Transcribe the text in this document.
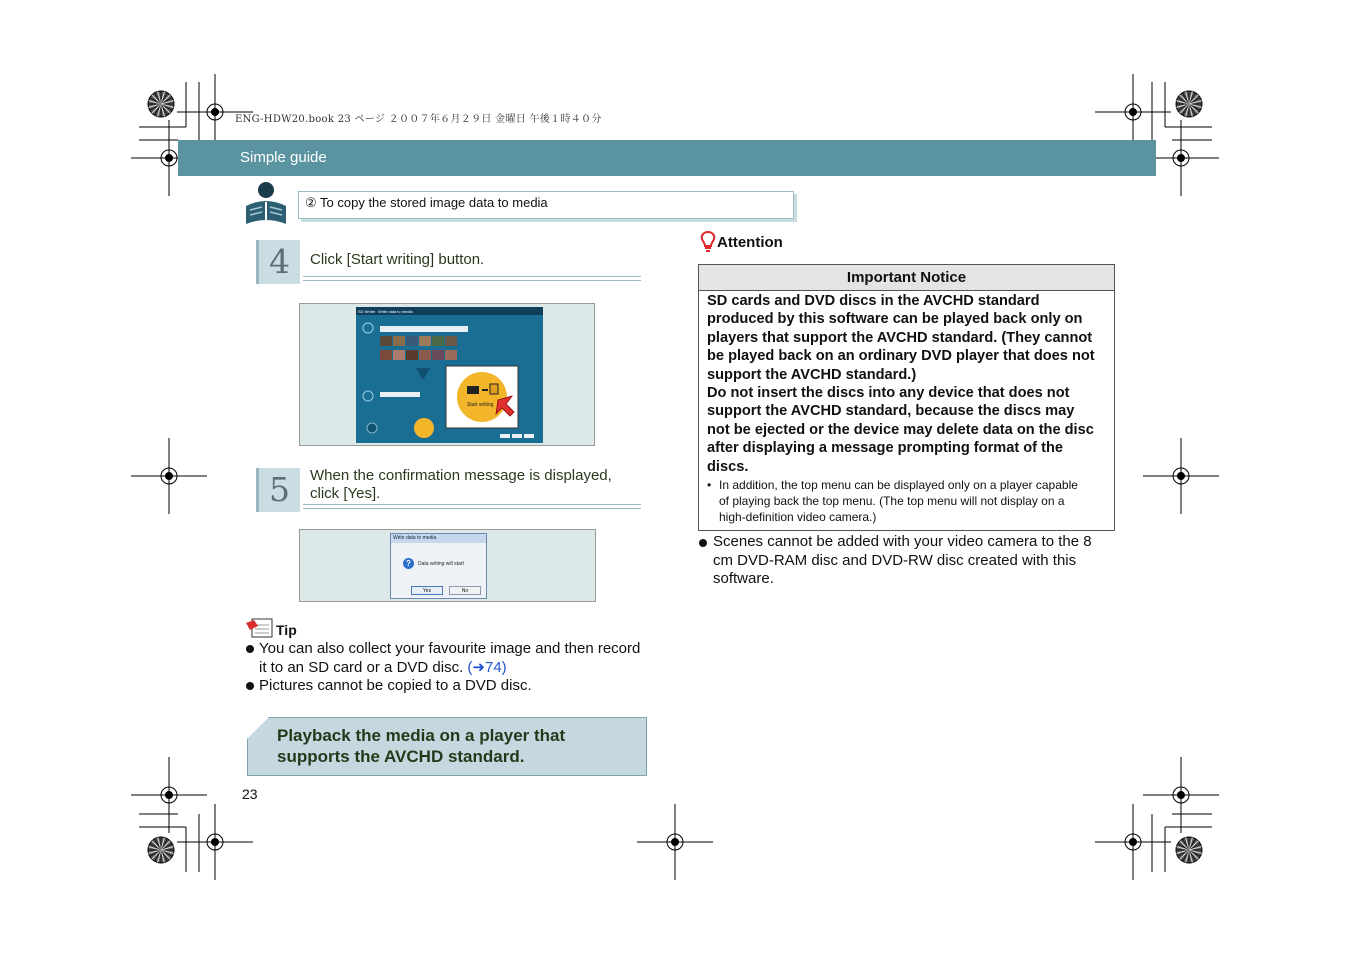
ENG-HDW20.book 23 ページ ２００７年６月２９日 金曜日 午後１時４０分
Simple guide
② To copy the stored image data to media
4	Click [Start writing] button.
SD Writer Write data to media
Start writing
5	When the confirmation message is displayed,
click [Yes].
Write data to media
?	Data writing will start
Yes	No
Tip
You can also collect your favourite image and then record
it to an SD card or a DVD disc. (➜74)
Pictures cannot be copied to a DVD disc.
Playback the media on a player that
supports the AVCHD standard.
23
Attention
Important Notice
SD cards and DVD discs in the AVCHD standard
produced by this software can be played back only on
players that support the AVCHD standard. (They cannot
be played back on an ordinary DVD player that does not
support the AVCHD standard.)
Do not insert the discs into any device that does not
support the AVCHD standard, because the discs may
not be ejected or the device may delete data on the disc
after displaying a message prompting format of the
discs.
• In addition, the top menu can be displayed only on a player capable
of playing back the top menu. (The top menu will not display on a
high-definition video camera.)
Scenes cannot be added with your video camera to the 8
cm DVD-RAM disc and DVD-RW disc created with this
software.
